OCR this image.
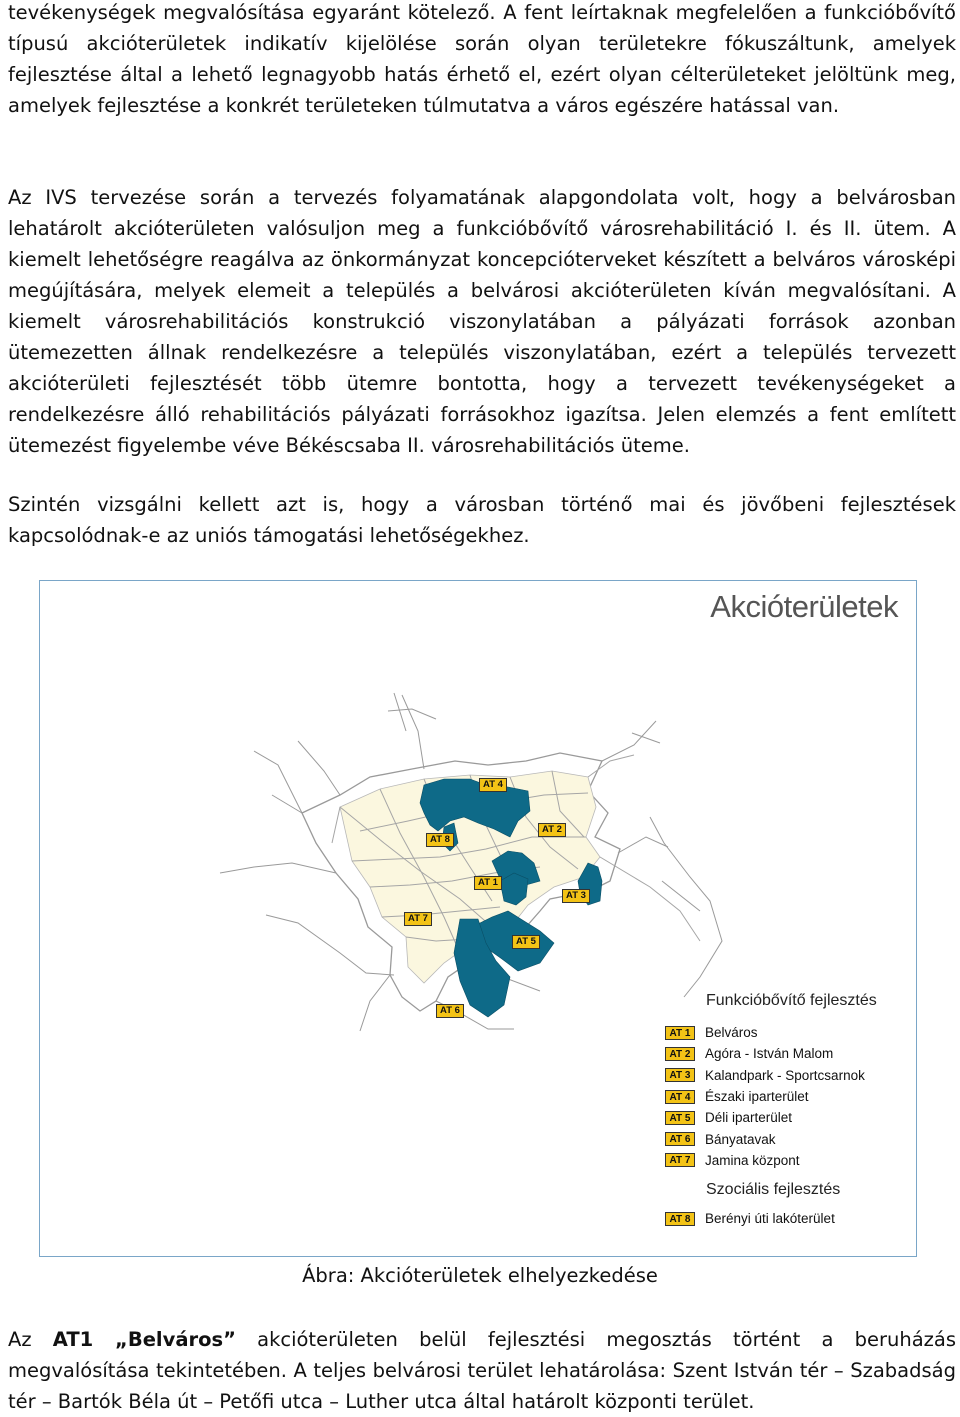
tevékenységek megvalósítása egyaránt kötelező. A fent leírtaknak megfelelően a funkcióbővítő típusú akcióterületek indikatív kijelölése során olyan területekre fókuszáltunk, amelyek fejlesztése által a lehető legnagyobb hatás érhető el, ezért olyan célterületeket jelöltünk meg, amelyek fejlesztése a konkrét területeken túlmutatva a város egészére hatással van.

Az IVS tervezése során a tervezés folyamatának alapgondolata volt, hogy a belvárosban lehatárolt akcióterületen valósuljon meg a funkcióbővítő városrehabilitáció I. és II. ütem. A kiemelt lehetőségre reagálva az önkormányzat koncepcióterveket készített a belváros városképi megújítására, melyek elemeit a település a belvárosi akcióterületen kíván megvalósítani. A kiemelt városrehabilitációs konstrukció viszonylatában a pályázati források azonban ütemezetten állnak rendelkezésre a település viszonylatában, ezért a település tervezett akcióterületi fejlesztését több ütemre bontotta, hogy a tervezett tevékenységeket a rendelkezésre álló rehabilitációs pályázati forrásokhoz igazítsa. Jelen elemzés a fent említett ütemezést figyelembe véve Békéscsaba II. városrehabilitációs üteme.

Szintén vizsgálni kellett azt is, hogy a városban történő mai és jövőbeni fejlesztések kapcsolódnak-e az uniós támogatási lehetőségekhez.

Akcióterületek
AT 4
AT 2
AT 8
AT 1
AT 3
AT 7
AT 5
AT 6
Funkcióbővítő fejlesztés
AT 1	Belváros
AT 2	Agóra - István Malom
AT 3	Kalandpark - Sportcsarnok
AT 4	Északi iparterület
AT 5	Déli iparterület
AT 6	Bányatavak
AT 7	Jamina központ
Szociális fejlesztés
AT 8	Berényi úti lakóterület
Ábra: Akcióterületek elhelyezkedése

Az AT1 „Belváros” akcióterületen belül fejlesztési megosztás történt a beruházás megvalósítása tekintetében. A teljes belvárosi terület lehatárolása: Szent István tér – Szabadság tér – Bartók Béla út – Petőfi utca – Luther utca által határolt központi terület.
